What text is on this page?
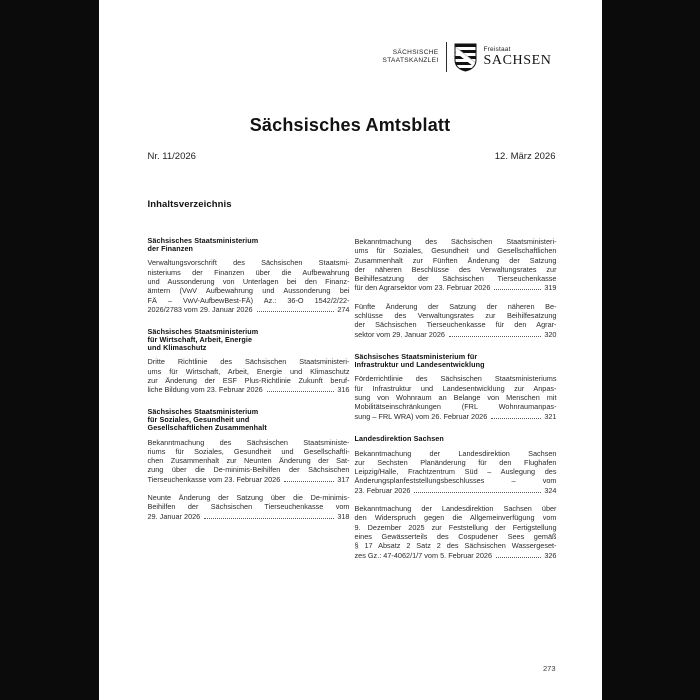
SÄCHSISCHE
STAATSKANZLEI
Freistaat
SACHSEN
Sächsisches Amtsblatt
Nr. 11/2026	12. März 2026
Inhaltsverzeichnis
Sächsisches Staatsministerium
der Finanzen
Verwaltungsvorschrift des Sächsischen Staatsmi-
nisteriums der Finanzen über die Aufbewahrung
und Aussonderung von Unterlagen bei den Finanz-
ämtern (VwV Aufbewahrung und Aussonderung bei
FÄ – VwV-AufbewBest-FÄ) Az.: 36-O 1542/2/22-
2026/2783 vom 29. Januar 2026	274
Sächsisches Staatsministerium
für Wirtschaft, Arbeit, Energie
und Klimaschutz
Dritte Richtlinie des Sächsischen Staatsministeri-
ums für Wirtschaft, Arbeit, Energie und Klimaschutz
zur Änderung der ESF Plus-Richtlinie Zukunft beruf-
liche Bildung vom 23. Februar 2026	316
Sächsisches Staatsministerium
für Soziales, Gesundheit und
Gesellschaftlichen Zusammenhalt
Bekanntmachung des Sächsischen Staatsministe-
riums für Soziales, Gesundheit und Gesellschaftli-
chen Zusammenhalt zur Neunten Änderung der Sat-
zung über die De-minimis-Beihilfen der Sächsischen
Tierseuchenkasse vom 23. Februar 2026	317
Neunte Änderung der Satzung über die De-minimis-
Beihilfen der Sächsischen Tierseuchenkasse vom
29. Januar 2026	318
Bekanntmachung des Sächsischen Staatsministeri-
ums für Soziales, Gesundheit und Gesellschaftlichen
Zusammenhalt zur Fünften Änderung der Satzung
der näheren Beschlüsse des Verwaltungsrates zur
Beihilfesatzung der Sächsischen Tierseuchenkasse
für den Agrarsektor vom 23. Februar 2026	319
Fünfte Änderung der Satzung der näheren Be-
schlüsse des Verwaltungsrates zur Beihilfesatzung
der Sächsischen Tierseuchenkasse für den Agrar-
sektor vom 29. Januar 2026	320
Sächsisches Staatsministerium für
Infrastruktur und Landesentwicklung
Förderrichtlinie des Sächsischen Staatsministeriums
für Infrastruktur und Landesentwicklung zur Anpas-
sung von Wohnraum an Belange von Menschen mit
Mobilitätseinschränkungen (FRL Wohnraumanpas-
sung – FRL WRA) vom 26. Februar 2026	321
Landesdirektion Sachsen
Bekanntmachung der Landesdirektion Sachsen
zur Sechsten Planänderung für den Flughafen
Leipzig/Halle, Frachtzentrum Süd – Auslegung des
Änderungsplanfeststellungsbeschlusses – vom
23. Februar 2026	324
Bekanntmachung der Landesdirektion Sachsen über
den Widerspruch gegen die Allgemeinverfügung vom
9. Dezember 2025 zur Feststellung der Fertigstellung
eines Gewässerteils des Cospudener Sees gemäß
§ 17 Absatz 2 Satz 2 des Sächsischen Wassergeset-
zes Gz.: 47-4062/1/7 vom 5. Februar 2026	326
273
